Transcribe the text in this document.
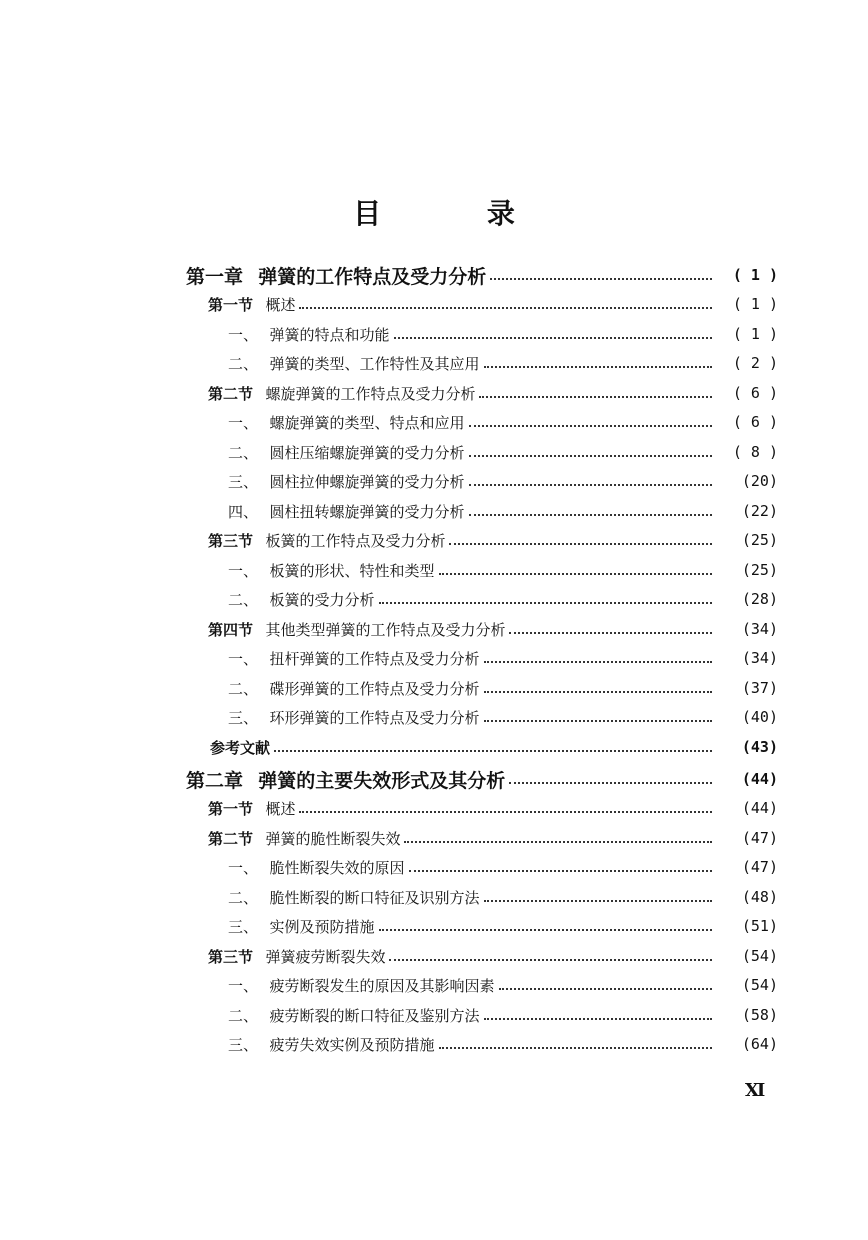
目 录
第一章 弹簧的工作特点及受力分析	( 1 )
第一节 概述	( 1 )
一、 弹簧的特点和功能	( 1 )
二、 弹簧的类型、工作特性及其应用	( 2 )
第二节 螺旋弹簧的工作特点及受力分析	( 6 )
一、 螺旋弹簧的类型、特点和应用	( 6 )
二、 圆柱压缩螺旋弹簧的受力分析	( 8 )
三、 圆柱拉伸螺旋弹簧的受力分析	(20)
四、 圆柱扭转螺旋弹簧的受力分析	(22)
第三节 板簧的工作特点及受力分析	(25)
一、 板簧的形状、特性和类型	(25)
二、 板簧的受力分析	(28)
第四节 其他类型弹簧的工作特点及受力分析	(34)
一、 扭杆弹簧的工作特点及受力分析	(34)
二、 碟形弹簧的工作特点及受力分析	(37)
三、 环形弹簧的工作特点及受力分析	(40)
参考文献	(43)
第二章 弹簧的主要失效形式及其分析	(44)
第一节 概述	(44)
第二节 弹簧的脆性断裂失效	(47)
一、 脆性断裂失效的原因	(47)
二、 脆性断裂的断口特征及识别方法	(48)
三、 实例及预防措施	(51)
第三节 弹簧疲劳断裂失效	(54)
一、 疲劳断裂发生的原因及其影响因素	(54)
二、 疲劳断裂的断口特征及鉴别方法	(58)
三、 疲劳失效实例及预防措施	(64)
Ⅺ
